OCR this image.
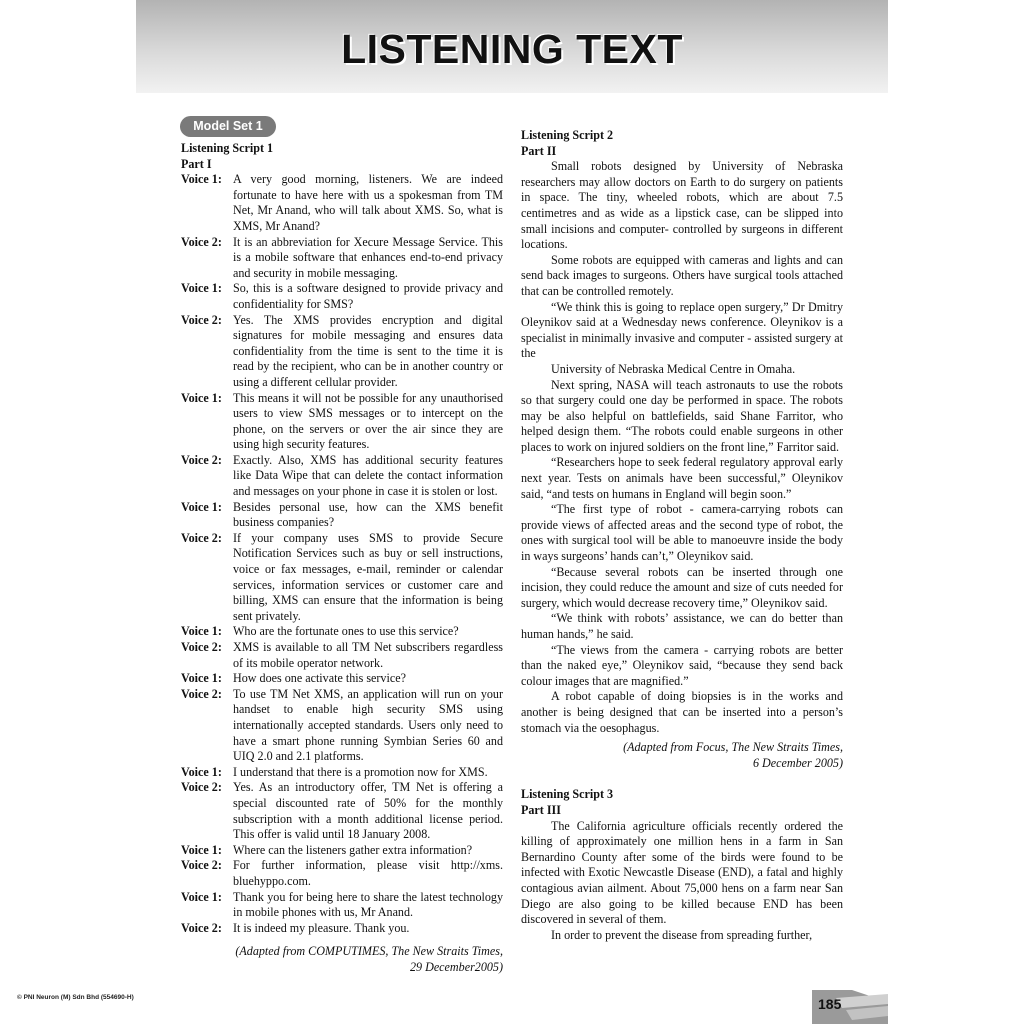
LISTENING TEXT
Model Set 1
Listening Script 1
Part I
Voice 1: A very good morning, listeners. We are indeed fortunate to have here with us a spokesman from TM Net, Mr Anand, who will talk about XMS. So, what is XMS, Mr Anand?
Voice 2: It is an abbreviation for Xecure Message Service. This is a mobile software that enhances end-to-end privacy and security in mobile messaging.
Voice 1: So, this is a software designed to provide privacy and confidentiality for SMS?
Voice 2: Yes. The XMS provides encryption and digital signatures for mobile messaging and ensures data confidentiality from the time is sent to the time it is read by the recipient, who can be in another country or using a different cellular provider.
Voice 1: This means it will not be possible for any unauthorised users to view SMS messages or to intercept on the phone, on the servers or over the air since they are using high security features.
Voice 2: Exactly. Also, XMS has additional security features like Data Wipe that can delete the contact information and messages on your phone in case it is stolen or lost.
Voice 1: Besides personal use, how can the XMS benefit business companies?
Voice 2: If your company uses SMS to provide Secure Notification Services such as buy or sell instructions, voice or fax messages, e-mail, reminder or calendar services, information services or customer care and billing, XMS can ensure that the information is being sent privately.
Voice 1: Who are the fortunate ones to use this service?
Voice 2: XMS is available to all TM Net subscribers regardless of its mobile operator network.
Voice 1: How does one activate this service?
Voice 2: To use TM Net XMS, an application will run on your handset to enable high security SMS using internationally accepted standards. Users only need to have a smart phone running Symbian Series 60 and UIQ 2.0 and 2.1 platforms.
Voice 1: I understand that there is a promotion now for XMS.
Voice 2: Yes. As an introductory offer, TM Net is offering a special discounted rate of 50% for the monthly subscription with a month additional license period. This offer is valid until 18 January 2008.
Voice 1: Where can the listeners gather extra information?
Voice 2: For further information, please visit http://xms. bluehyppo.com.
Voice 1: Thank you for being here to share the latest technology in mobile phones with us, Mr Anand.
Voice 2: It is indeed my pleasure. Thank you.
(Adapted from COMPUTIMES, The New Straits Times,
29 December2005)
Listening Script 2
Part II
Small robots designed by University of Nebraska researchers may allow doctors on Earth to do surgery on patients in space. The tiny, wheeled robots, which are about 7.5 centimetres and as wide as a lipstick case, can be slipped into small incisions and computer- controlled by surgeons in different locations.
Some robots are equipped with cameras and lights and can send back images to surgeons. Others have surgical tools attached that can be controlled remotely.
“We think this is going to replace open surgery,” Dr Dmitry Oleynikov said at a Wednesday news conference. Oleynikov is a specialist in minimally invasive and computer - assisted surgery at the
University of Nebraska Medical Centre in Omaha.
Next spring, NASA will teach astronauts to use the robots so that surgery could one day be performed in space. The robots may be also helpful on battlefields, said Shane Farritor, who helped design them. “The robots could enable surgeons in other places to work on injured soldiers on the front line,” Farritor said.
“Researchers hope to seek federal regulatory approval early next year. Tests on animals have been successful,” Oleynikov said, “and tests on humans in England will begin soon.”
“The first type of robot - camera-carrying robots can provide views of affected areas and the second type of robot, the ones with surgical tool will be able to manoeuvre inside the body in ways surgeons’ hands can’t,” Oleynikov said.
“Because several robots can be inserted through one incision, they could reduce the amount and size of cuts needed for surgery, which would decrease recovery time,” Oleynikov said.
“We think with robots’ assistance, we can do better than human hands,” he said.
“The views from the camera - carrying robots are better than the naked eye,” Oleynikov said, “because they send back colour images that are magnified.”
A robot capable of doing biopsies is in the works and another is being designed that can be inserted into a person’s stomach via the oesophagus.
(Adapted from Focus, The New Straits Times,
6 December 2005)
Listening Script 3
Part III
The California agriculture officials recently ordered the killing of approximately one million hens in a farm in San Bernardino County after some of the birds were found to be infected with Exotic Newcastle Disease (END), a fatal and highly contagious avian ailment. About 75,000 hens on a farm near San Diego are also going to be killed because END has been discovered in several of them.
In order to prevent the disease from spreading further,
© PNI Neuron (M) Sdn Bhd (554690-H)	185
